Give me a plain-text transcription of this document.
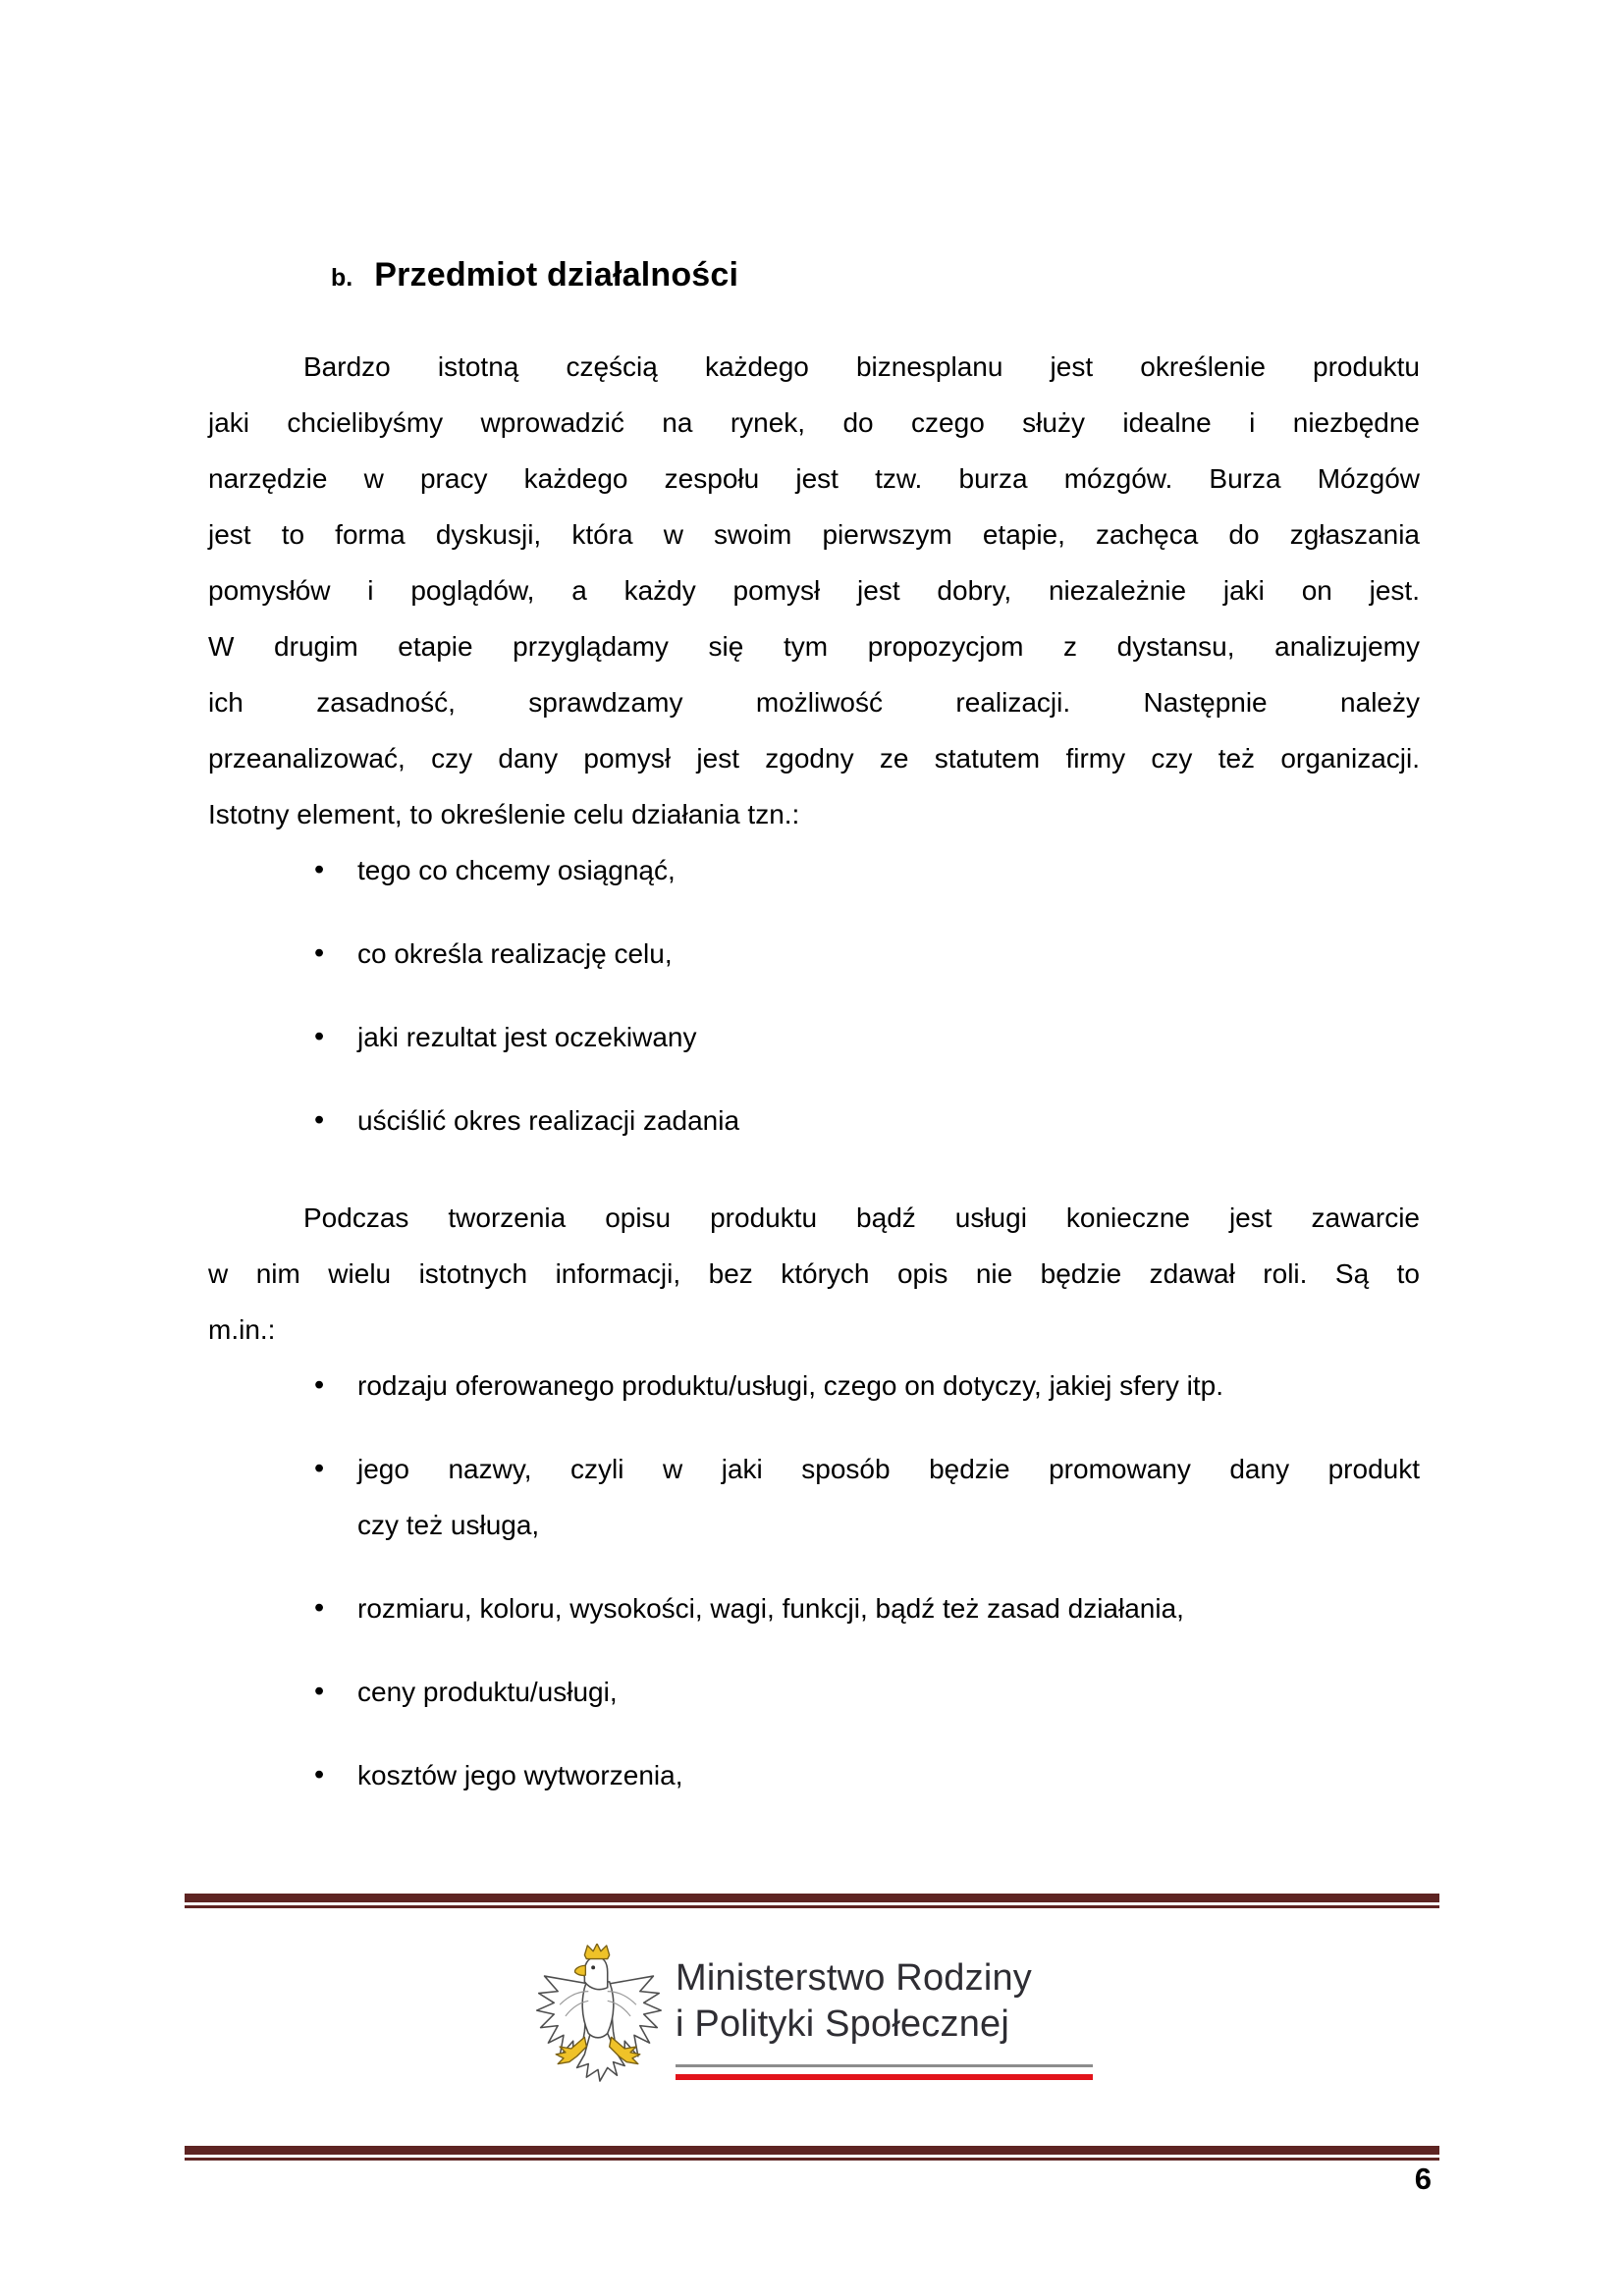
b. Przedmiot działalności
Bardzo istotną częścią każdego biznesplanu jest określenie produktu
jaki chcielibyśmy wprowadzić na rynek, do czego służy idealne i niezbędne
narzędzie w pracy każdego zespołu jest tzw. burza mózgów. Burza Mózgów
jest to forma dyskusji, która w swoim pierwszym etapie, zachęca do zgłaszania
pomysłów i poglądów, a każdy pomysł jest dobry, niezależnie jaki on jest.
W drugim etapie przyglądamy się tym propozycjom z dystansu, analizujemy
ich zasadność, sprawdzamy możliwość realizacji. Następnie należy
przeanalizować, czy dany pomysł jest zgodny ze statutem firmy czy też organizacji.
Istotny element, to określenie celu działania tzn.:
• tego co chcemy osiągnąć,
• co określa realizację celu,
• jaki rezultat jest oczekiwany
• uściślić okres realizacji zadania
Podczas tworzenia opisu produktu bądź usługi konieczne jest zawarcie
w nim wielu istotnych informacji, bez których opis nie będzie zdawał roli. Są to
m.in.:
• rodzaju oferowanego produktu/usługi, czego on dotyczy, jakiej sfery itp.
• jego nazwy, czyli w jaki sposób będzie promowany dany produkt
czy też usługa,
• rozmiaru, koloru, wysokości, wagi, funkcji, bądź też zasad działania,
• ceny produktu/usługi,
• kosztów jego wytworzenia,
Ministerstwo Rodziny
i Polityki Społecznej
6
